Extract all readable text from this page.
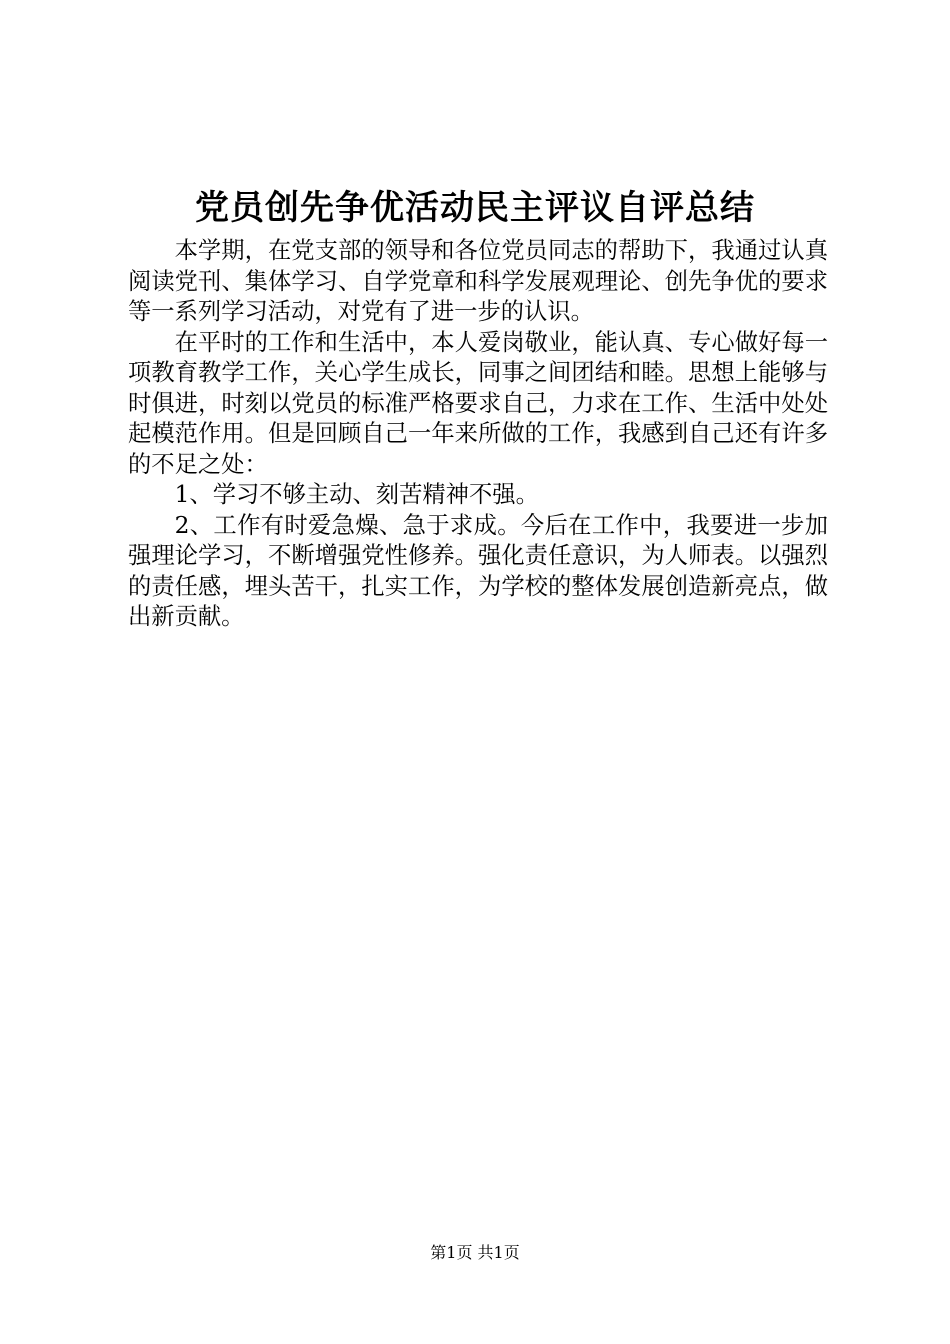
党员创先争优活动民主评议自评总结

本学期，在党支部的领导和各位党员同志的帮助下，我通过认真阅读党刊、集体学习、自学党章和科学发展观理论、创先争优的要求等一系列学习活动，对党有了进一步的认识。

在平时的工作和生活中，本人爱岗敬业，能认真、专心做好每一项教育教学工作，关心学生成长，同事之间团结和睦。思想上能够与时俱进，时刻以党员的标准严格要求自己，力求在工作、生活中处处起模范作用。但是回顾自己一年来所做的工作，我感到自己还有许多的不足之处：

1、学习不够主动、刻苦精神不强。

2、工作有时爱急燥、急于求成。今后在工作中，我要进一步加强理论学习，不断增强党性修养。强化责任意识，为人师表。以强烈的责任感，埋头苦干，扎实工作，为学校的整体发展创造新亮点，做出新贡献。

第1页 共1页
